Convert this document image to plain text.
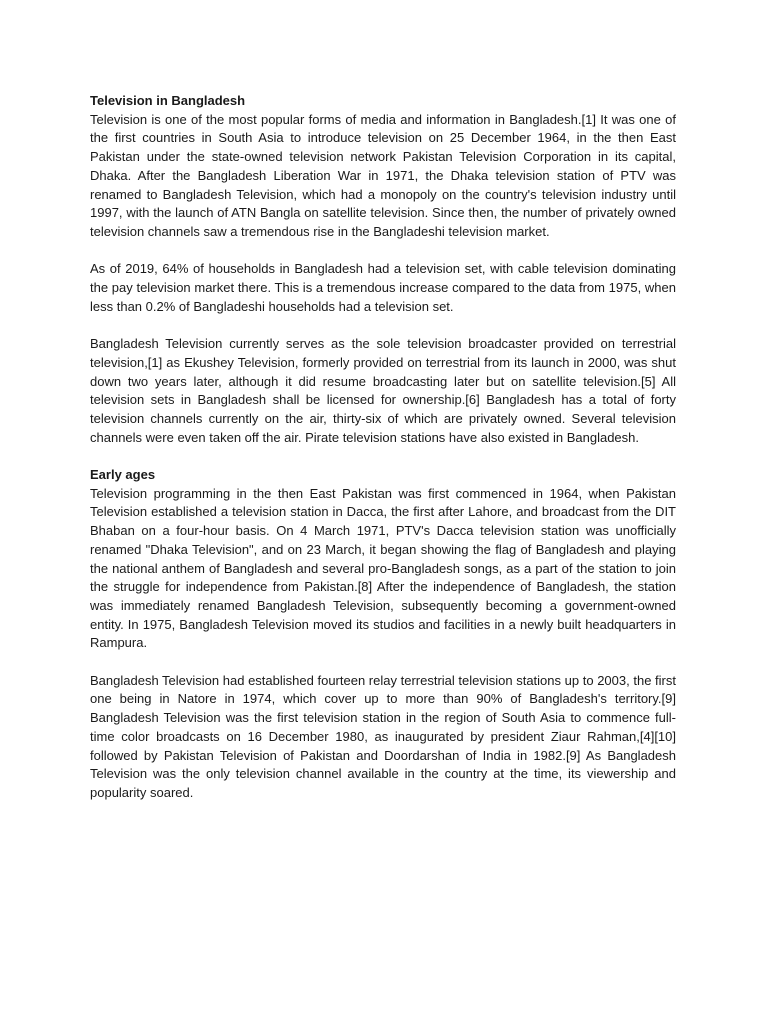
Television in Bangladesh

Television is one of the most popular forms of media and information in Bangladesh.[1] It was one of the first countries in South Asia to introduce television on 25 December 1964, in the then East Pakistan under the state-owned television network Pakistan Television Corporation in its capital, Dhaka. After the Bangladesh Liberation War in 1971, the Dhaka television station of PTV was renamed to Bangladesh Television, which had a monopoly on the country's television industry until 1997, with the launch of ATN Bangla on satellite television. Since then, the number of privately owned television channels saw a tremendous rise in the Bangladeshi television market.

As of 2019, 64% of households in Bangladesh had a television set, with cable television dominating the pay television market there. This is a tremendous increase compared to the data from 1975, when less than 0.2% of Bangladeshi households had a television set.

Bangladesh Television currently serves as the sole television broadcaster provided on terrestrial television,[1] as Ekushey Television, formerly provided on terrestrial from its launch in 2000, was shut down two years later, although it did resume broadcasting later but on satellite television.[5] All television sets in Bangladesh shall be licensed for ownership.[6] Bangladesh has a total of forty television channels currently on the air, thirty-six of which are privately owned. Several television channels were even taken off the air. Pirate television stations have also existed in Bangladesh.

Early ages

Television programming in the then East Pakistan was first commenced in 1964, when Pakistan Television established a television station in Dacca, the first after Lahore, and broadcast from the DIT Bhaban on a four-hour basis. On 4 March 1971, PTV's Dacca television station was unofficially renamed "Dhaka Television", and on 23 March, it began showing the flag of Bangladesh and playing the national anthem of Bangladesh and several pro-Bangladesh songs, as a part of the station to join the struggle for independence from Pakistan.[8] After the independence of Bangladesh, the station was immediately renamed Bangladesh Television, subsequently becoming a government-owned entity. In 1975, Bangladesh Television moved its studios and facilities in a newly built headquarters in Rampura.

Bangladesh Television had established fourteen relay terrestrial television stations up to 2003, the first one being in Natore in 1974, which cover up to more than 90% of Bangladesh's territory.[9] Bangladesh Television was the first television station in the region of South Asia to commence full-time color broadcasts on 16 December 1980, as inaugurated by president Ziaur Rahman,[4][10] followed by Pakistan Television of Pakistan and Doordarshan of India in 1982.[9] As Bangladesh Television was the only television channel available in the country at the time, its viewership and popularity soared.
